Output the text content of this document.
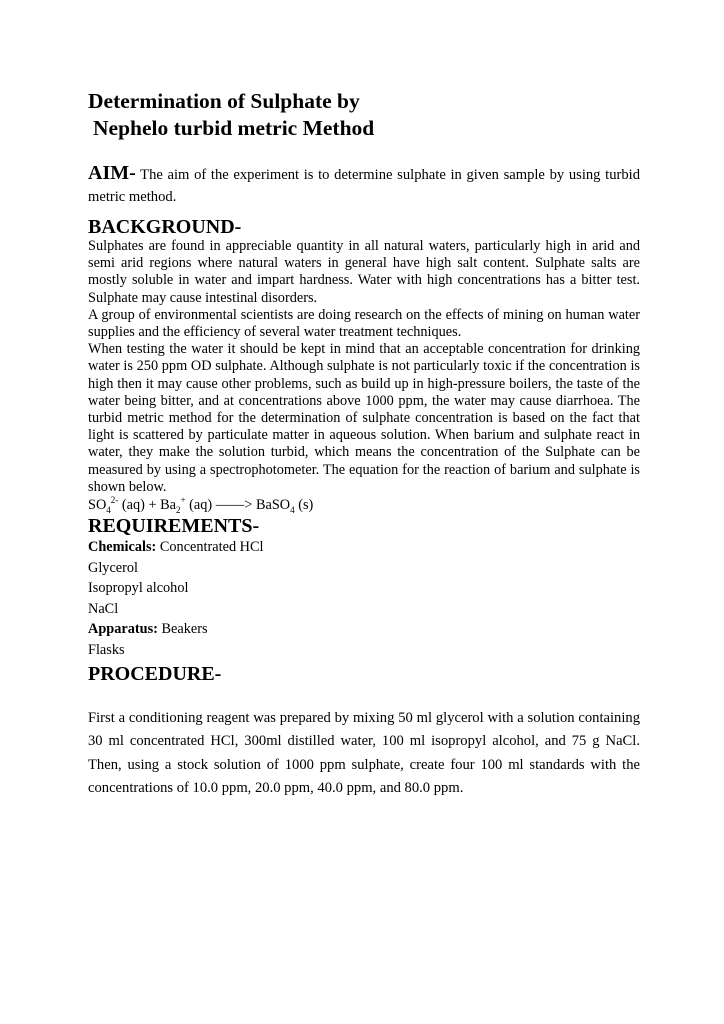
Determination of Sulphate by
Nephelo turbid metric Method
AIM- The aim of the experiment is to determine sulphate in given sample by using turbid metric method.
BACKGROUND-

Sulphates are found in appreciable quantity in all natural waters, particularly high in arid and semi arid regions where natural waters in general have high salt content. Sulphate salts are mostly soluble in water and impart hardness. Water with high concentrations has a bitter test. Sulphate may cause intestinal disorders.

A group of environmental scientists are doing research on the effects of mining on human water supplies and the efficiency of several water treatment techniques.

When testing the water it should be kept in mind that an acceptable concentration for drinking water is 250 ppm OD sulphate. Although sulphate is not particularly toxic if the concentration is high then it may cause other problems, such as build up in high-pressure boilers, the taste of the water being bitter, and at concentrations above 1000 ppm, the water may cause diarrhoea. The turbid metric method for the determination of sulphate concentration is based on the fact that light is scattered by particulate matter in aqueous solution. When barium and sulphate react in water, they make the solution turbid, which means the concentration of the Sulphate can be measured by using a spectrophotometer. The equation for the reaction of barium and sulphate is shown below.

$SO_4^{2-}$ $(aq) + Ba_2^+$ (aq) ——> BaSO$_4$ (s)

REQUIREMENTS-
Chemicals: Concentrated HCl
Glycerol
Isopropyl alcohol
NaCl
Apparatus: Beakers
Flasks
PROCEDURE-

First a conditioning reagent was prepared by mixing 50 ml glycerol with a solution containing 30 ml concentrated HCl, 300ml distilled water, 100 ml isopropyl alcohol, and 75 g NaCl. Then, using a stock solution of 1000 ppm sulphate, create four 100 ml standards with the concentrations of 10.0 ppm, 20.0 ppm, 40.0 ppm, and 80.0 ppm.
